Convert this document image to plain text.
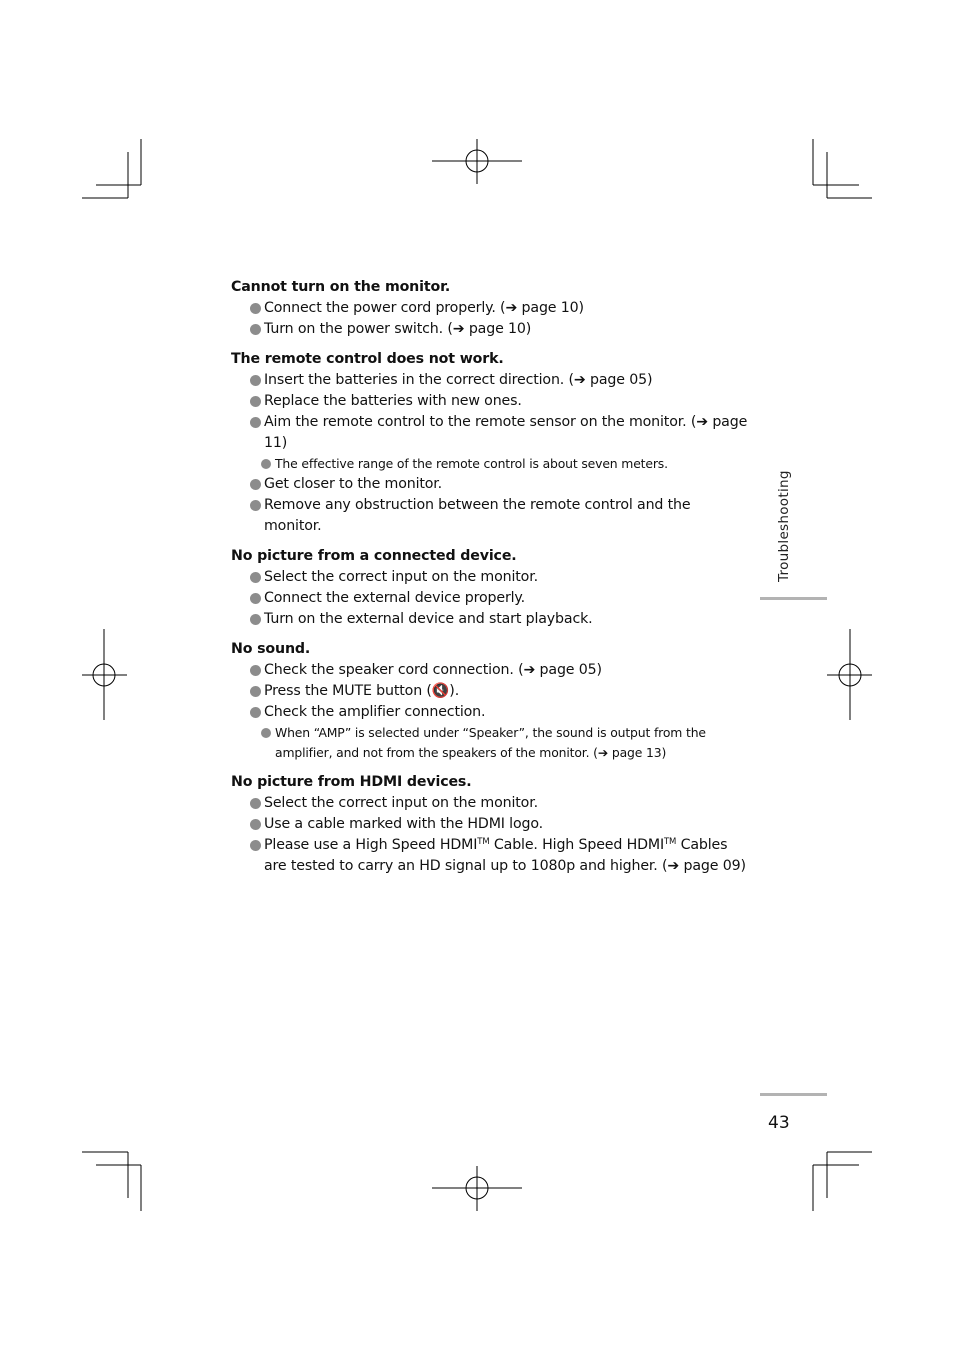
Cannot turn on the monitor.

Connect the power cord properly. (➔ page 10)
Turn on the power switch. (➔ page 10)

The remote control does not work.

Insert the batteries in the correct direction. (➔ page 05)
Replace the batteries with new ones.
Aim the remote control to the remote sensor on the monitor. (➔ page 11)
The effective range of the remote control is about seven meters.
Get closer to the monitor.
Remove any obstruction between the remote control and the monitor.

No picture from a connected device.

Select the correct input on the monitor.
Connect the external device properly.
Turn on the external device and start playback.

No sound.

Check the speaker cord connection. (➔ page 05)
Press the MUTE button (🔇).
Check the amplifier connection.
When “AMP” is selected under “Speaker”, the sound is output from the amplifier, and not from the speakers of the monitor. (➔ page 13)

No picture from HDMI devices.

Select the correct input on the monitor.
Use a cable marked with the HDMI logo.
Please use a High Speed HDMI™ Cable. High Speed HDMI™ Cables are tested to carry an HD signal up to 1080p and higher. (➔ page 09)
Troubleshooting
43
